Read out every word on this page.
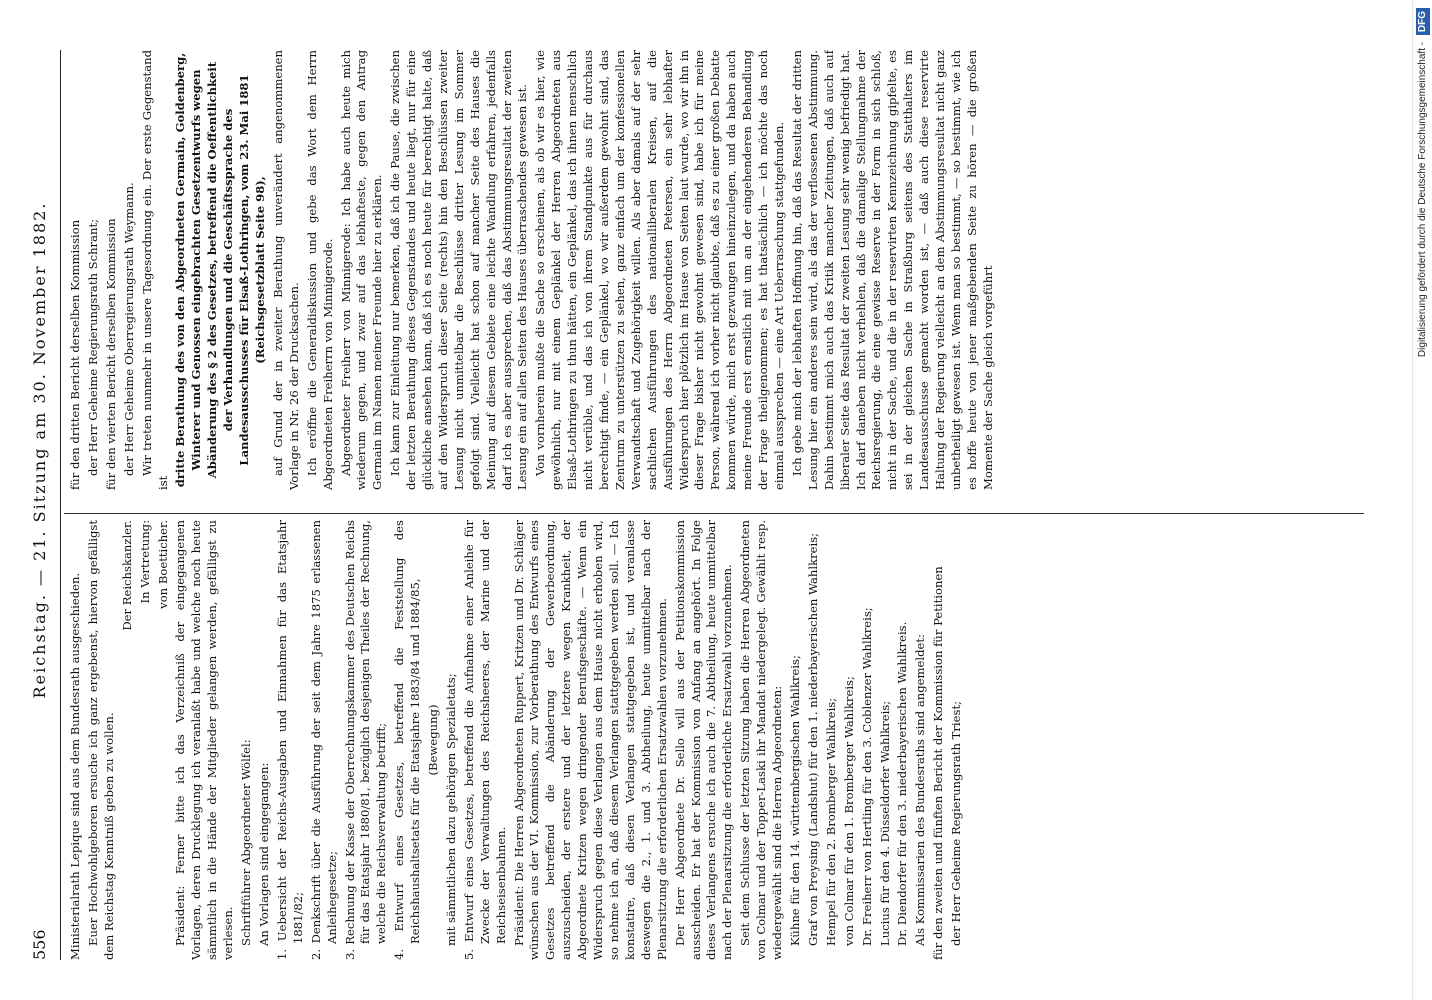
556
Reichstag. — 21. Sitzung am 30. November 1882.

Ministerialrath Lepique sind aus dem Bundesrath ausgeschieden. Euer Hochwohlgeboren ersuche ich ganz ergebenst, hiervon gefälligst dem Reichstag Kenntniß geben zu wollen.

Der Reichskanzler. In Vertretung: von Boetticher. Präsident: Ferner bitte ich das Verzeichniß der eingegangenen Vorlagen, deren Drucklegung ich veranlaßt habe und welche noch heute sämmtlich in die Hände der Mitglieder gelangen werden, gefälligst zu verlesen. Schriftführer Abgeordneter Wölfel: An Vorlagen sind eingegangen: 1. Uebersicht der Reichs-Ausgaben und Einnahmen für das Etatsjahr 1881/82; 2. Denkschrift über die Ausführung der seit dem Jahre 1875 erlassenen Anleihegesetze; 3. Rechnung der Kasse der Oberrechnungskammer des Deutschen Reichs für das Etatsjahr 1880/81, bezüglich desjenigen Theiles der Rechnung, welche die Reichsverwaltung betrifft; 4. Entwurf eines Gesetzes, betreffend die Feststellung des Reichshaushaltsetats für die Etatsjahre 1883/84 und 1884/85, (Bewegung) mit sämmtlichen dazu gehörigen Spezialetats; 5. Entwurf eines Gesetzes, betreffend die Aufnahme einer Anleihe für Zwecke der Verwaltungen des Reichsheeres, der Marine und der Reichseisenbahnen. Präsident: Die Herren Abgeordneten Ruppert, Kritzen und Dr. Schläger wünschen aus der VI. Kommission, zur Vorberathung des Entwurfs eines Gesetzes betreffend die Abänderung der Gewerbeordnung, auszuscheiden, der erstere und der letztere wegen Krankheit, der Abgeordnete Kritzen wegen dringender Berufsgeschäfte. — Wenn ein Widerspruch gegen diese Verlangen aus dem Hause nicht erhoben wird, so nehme ich an, daß diesem Verlangen stattgegeben werden soll. — Ich konstatire, daß diesen Verlangen stattgegeben ist, und veranlasse deswegen die 2., 1. und 3. Abtheilung, heute unmittelbar nach der Plenarsitzung die erforderlichen Ersatzwahlen vorzunehmen. Der Herr Abgeordnete Dr. Sello will aus der Petitionskommission ausscheiden. Er hat der Kommission von Anfang an angehört. In Folge dieses Verlangens ersuche ich auch die 7. Abtheilung, heute unmittelbar nach der Plenarsitzung die erforderliche Ersatzwahl vorzunehmen. Seit dem Schlusse der letzten Sitzung haben die Herren Abgeordneten von Colmar und der Topper-Laski ihr Mandat niedergelegt. Gewählt resp. wiedergewählt sind die Herren Abgeordneten: Kühne für den 14. württembergischen Wahlkreis; Graf von Preysing (Landshut) für den 1. niederbayerischen Wahlkreis; Hempel für den 2. Bromberger Wahlkreis; von Colmar für den 1. Bromberger Wahlkreis; Dr. Freiherr von Hertling für den 3. Coblenzer Wahlkreis; Lucius für den 4. Düsseldorfer Wahlkreis; Dr. Diendorfer für den 3. niederbayerischen Wahlkreis. Als Kommissarien des Bundesraths sind angemeldet: für den zweiten und fünften Bericht der Kommission für Petitionen der Herr Geheime Regierungsrath Triest;

für den dritten Bericht derselben Kommission der Herr Geheime Regierungsrath Schrant; für den vierten Bericht derselben Kommission der Herr Geheime Oberregierungsrath Weymann. Wir treten nunmehr in unsere Tagesordnung ein. Der erste Gegenstand ist dritte Berathung des von den Abgeordneten Germain, Goldenberg, Winterer und Genossen eingebrachten Gesetzentwurfs wegen Abänderung des § 2 des Gesetzes, betreffend die Oeffentlichkeit der Verhandlungen und die Geschäftssprache des Landesausschusses für Elsaß-Lothringen, vom 23. Mai 1881 (Reichsgesetzblatt Seite 98), auf Grund der in zweiter Berathung unverändert angenommenen Vorlage in Nr. 26 der Drucksachen. Ich eröffne die Generaldiskussion und gebe das Wort dem Herrn Abgeordneten Freiherrn von Minnigerode. Abgeordneter Freiherr von Minnigerode: Ich habe auch heute mich wiederum gegen, und zwar auf das lebhafteste, gegen den Antrag Germain im Namen meiner Freunde hier zu erklären. Ich kann zur Einleitung nur bemerken, daß ich die Pause, die zwischen der letzten Berathung dieses Gegenstandes und heute liegt, nur für eine glückliche ansehen kann, daß ich es noch heute für berechtigt halte, daß auf den Widerspruch dieser Seite (rechts) hin den Beschlüssen zweiter Lesung nicht unmittelbar die Beschlüsse dritter Lesung im Sommer gefolgt sind. Vielleicht hat schon auf mancher Seite des Hauses die Meinung auf diesem Gebiete eine leichte Wandlung erfahren, jedenfalls darf ich es aber aussprechen, daß das Abstimmungsresultat der zweiten Lesung ein auf allen Seiten des Hauses überraschendes gewesen ist. Von vornherein mußte die Sache so erscheinen, als ob wir es hier, wie gewöhnlich, nur mit einem Geplänkel der Herren Abgeordneten aus Elsaß-Lothringen zu thun hätten, ein Geplänkel, das ich ihnen menschlich nicht verüble, und das ich von ihrem Standpunkte aus für durchaus berechtigt finde, — ein Geplänkel, wo wir außerdem gewohnt sind, das Zentrum zu unterstützen zu sehen, ganz einfach um der konfessionellen Verwandtschaft und Zugehörigkeit willen. Als aber damals auf der sehr sachlichen Ausführungen des nationalliberalen Kreisen, auf die Ausführungen des Herrn Abgeordneten Petersen, ein sehr lebhafter Widerspruch hier plötzlich im Hause von Seiten laut wurde, wo wir ihn in dieser Frage bisher nicht gewohnt gewesen sind, habe ich für meine Person, während ich vorher nicht glaubte, daß es zu einer großen Debatte kommen würde, mich erst gezwungen hineinzulegen, und da haben auch meine Freunde erst ernstlich mit um an der eingehenderen Behandlung der Frage theilgenommen; es hat thatsächlich — ich möchte das noch einmal aussprechen — eine Art Ueberraschung stattgefunden. Ich gebe mich der lebhaften Hoffnung hin, daß das Resultat der dritten Lesung hier ein anderes sein wird, als das der verflossenen Abstimmung. Dahin bestimmt mich auch das Kritik mancher Zeitungen, daß auch auf liberaler Seite das Resultat der zweiten Lesung sehr wenig befriedigt hat. Ich darf daneben nicht verhehlen, daß die damalige Stellungnahme der Reichsregierung, die eine gewisse Reserve in der Form in sich schloß, nicht in der Sache, und die in der reservirten Kennzeichnung gipfelte, es sei in der gleichen Sache in Straßburg seitens des Statthalters im Landesausschusse gemacht worden ist, — daß auch diese reservirte Haltung der Regierung vielleicht an dem Abstimmungsresultat nicht ganz unbetheiligt gewesen ist. Wenn man so bestimmt, — so bestimmt, wie ich es hoffe heute von jener maßgebenden Seite zu hören — die großen Momente der Sache gleich vorgeführt

Digitalisierung gefördert durch die Deutsche Forschungsgemeinschaft - DFG
